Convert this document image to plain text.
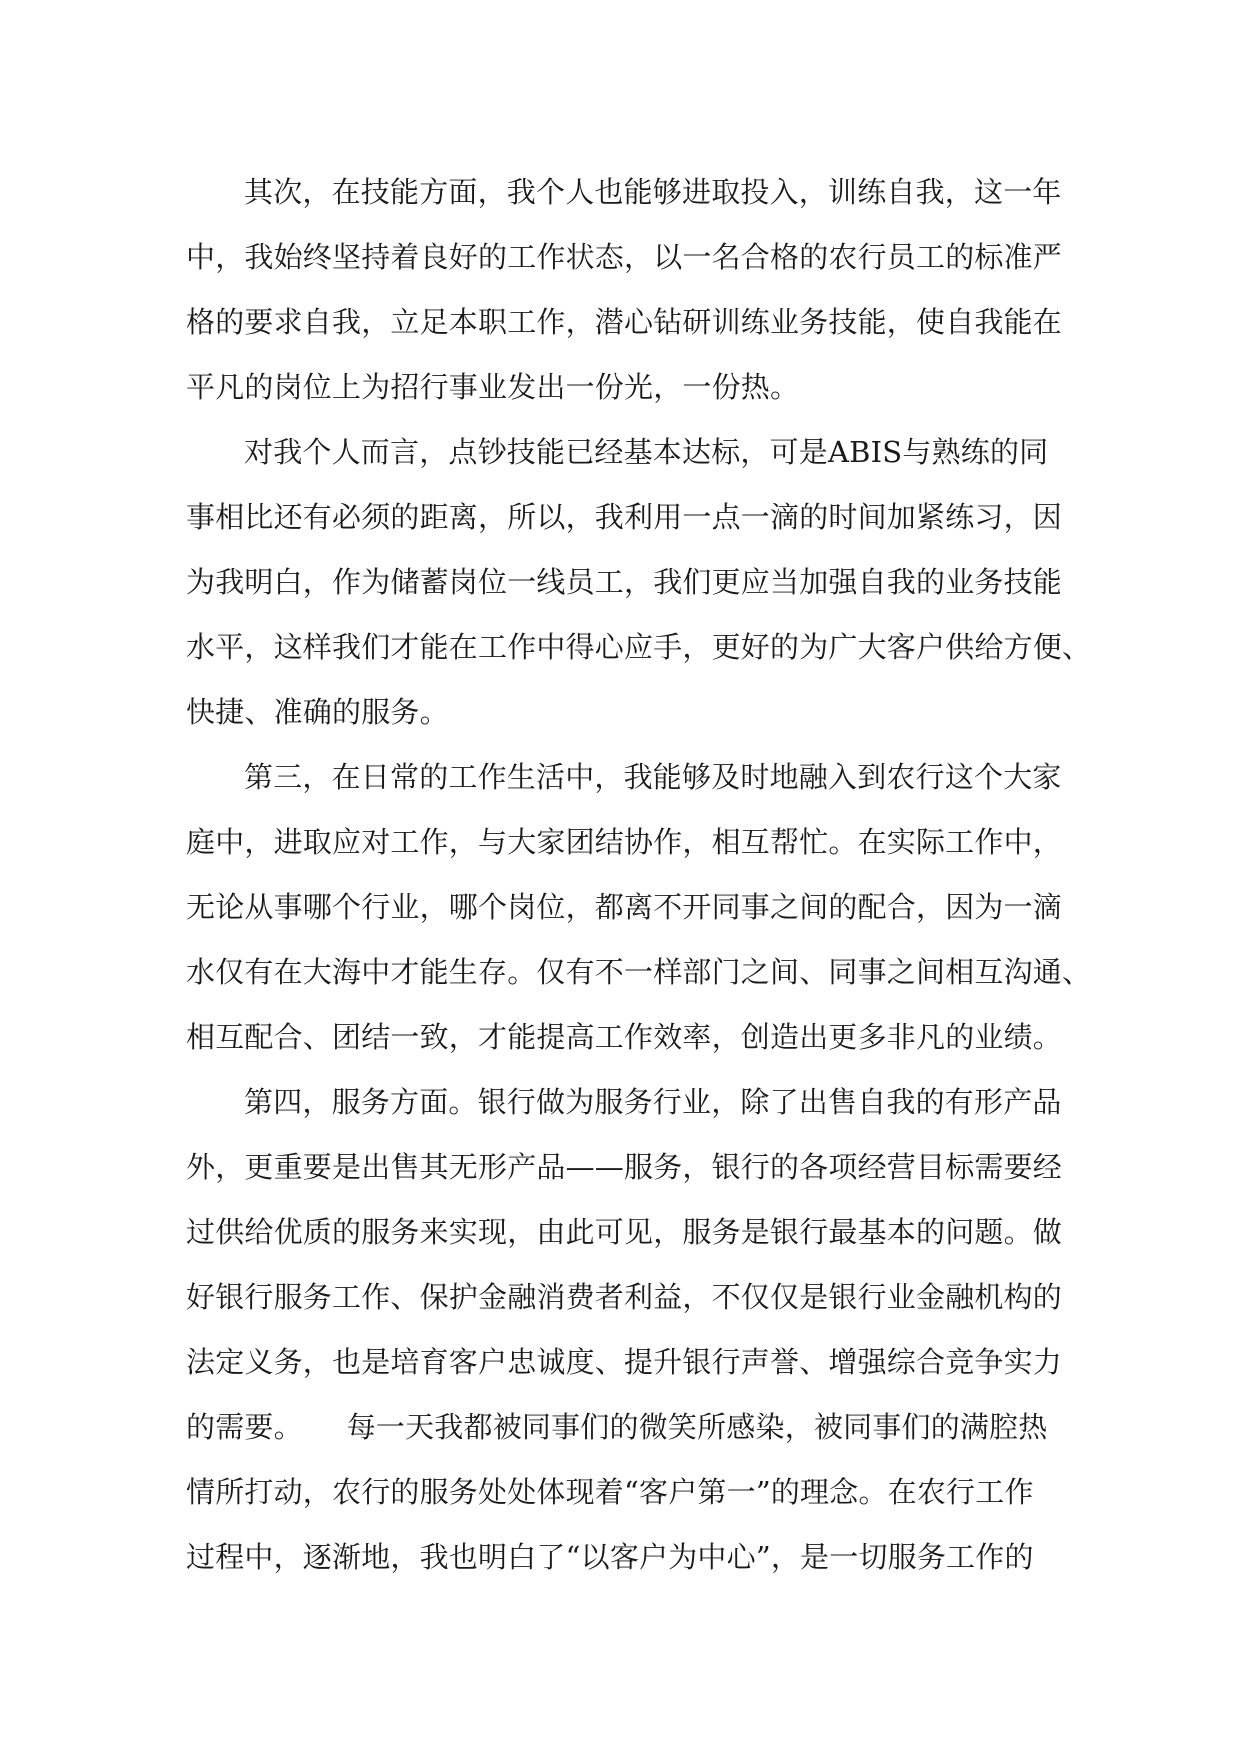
其次，在技能方面，我个人也能够进取投入，训练自我，这一年
中，我始终坚持着良好的工作状态，以一名合格的农行员工的标准严
格的要求自我，立足本职工作，潜心钻研训练业务技能，使自我能在
平凡的岗位上为招行事业发出一份光，一份热。
对我个人而言，点钞技能已经基本达标，可是ABIS与熟练的同
事相比还有必须的距离，所以，我利用一点一滴的时间加紧练习，因
为我明白，作为储蓄岗位一线员工，我们更应当加强自我的业务技能
水平，这样我们才能在工作中得心应手，更好的为广大客户供给方便、
快捷、准确的服务。
第三，在日常的工作生活中，我能够及时地融入到农行这个大家
庭中，进取应对工作，与大家团结协作，相互帮忙。在实际工作中，
无论从事哪个行业，哪个岗位，都离不开同事之间的配合，因为一滴
水仅有在大海中才能生存。仅有不一样部门之间、同事之间相互沟通、
相互配合、团结一致，才能提高工作效率，创造出更多非凡的业绩。
第四，服务方面。银行做为服务行业，除了出售自我的有形产品
外，更重要是出售其无形产品——服务，银行的各项经营目标需要经
过供给优质的服务来实现，由此可见，服务是银行最基本的问题。做
好银行服务工作、保护金融消费者利益，不仅仅是银行业金融机构的
法定义务，也是培育客户忠诚度、提升银行声誉、增强综合竞争实力
的需要。　　每一天我都被同事们的微笑所感染，被同事们的满腔热
情所打动，农行的服务处处体现着“客户第一”的理念。在农行工作
过程中，逐渐地，我也明白了“以客户为中心”，是一切服务工作的
